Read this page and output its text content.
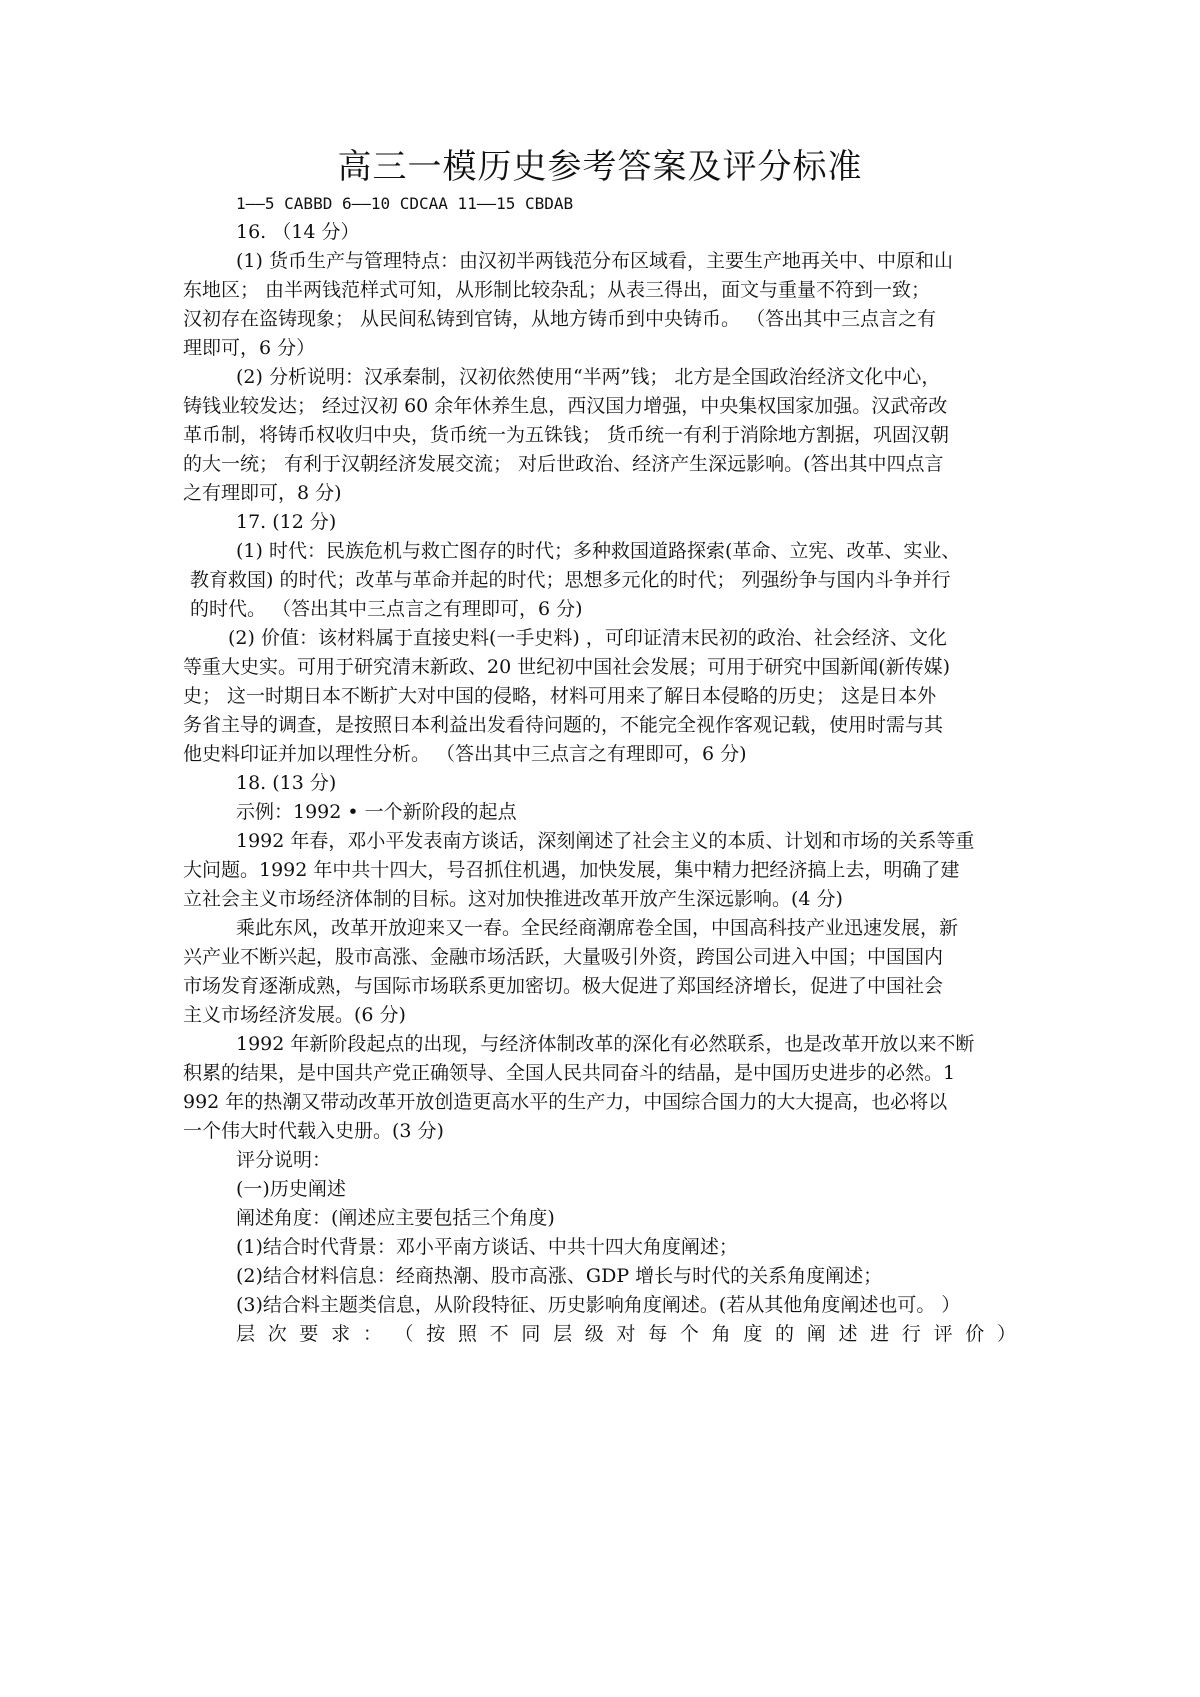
高三一模历史参考答案及评分标准
1——5 CABBD 6——10 CDCAA 11——15 CBDAB
16. （14 分）
(1) 货币生产与管理特点：由汉初半两钱范分布区域看，主要生产地再关中、中原和山
东地区； 由半两钱范样式可知，从形制比较杂乱；从表三得出，面文与重量不符到一致；
汉初存在盗铸现象； 从民间私铸到官铸，从地方铸币到中央铸币。 （答出其中三点言之有
理即可，6 分）
(2) 分析说明：汉承秦制，汉初依然使用“半两”钱； 北方是全国政治经济文化中心，
铸钱业较发达； 经过汉初 60 余年休养生息，西汉国力增强，中央集权国家加强。汉武帝改
革币制，将铸币权收归中央，货币统一为五铢钱； 货币统一有利于消除地方割据，巩固汉朝
的大一统； 有利于汉朝经济发展交流； 对后世政治、经济产生深远影响。(答出其中四点言
之有理即可，8 分)
17. (12 分)
(1) 时代：民族危机与救亡图存的时代；多种救国道路探索(革命、立宪、改革、实业、
教育救国) 的时代；改革与革命并起的时代；思想多元化的时代； 列强纷争与国内斗争并行
的时代。 （答出其中三点言之有理即可，6 分)
(2) 价值：该材料属于直接史料(一手史料) ，可印证清末民初的政治、社会经济、文化
等重大史实。可用于研究清末新政、20 世纪初中国社会发展；可用于研究中国新闻(新传媒)
史； 这一时期日本不断扩大对中国的侵略，材料可用来了解日本侵略的历史； 这是日本外
务省主导的调查，是按照日本利益出发看待问题的，不能完全视作客观记载，使用时需与其
他史料印证并加以理性分析。 （答出其中三点言之有理即可，6 分)
18. (13 分)
示例：1992 • 一个新阶段的起点
1992 年春，邓小平发表南方谈话，深刻阐述了社会主义的本质、计划和市场的关系等重
大问题。1992 年中共十四大，号召抓住机遇，加快发展，集中精力把经济搞上去，明确了建
立社会主义市场经济体制的目标。这对加快推进改革开放产生深远影响。(4 分)
乘此东风，改革开放迎来又一春。全民经商潮席卷全国，中国高科技产业迅速发展，新
兴产业不断兴起，股市高涨、金融市场活跃，大量吸引外资，跨国公司进入中国；中国国内
市场发育逐渐成熟，与国际市场联系更加密切。极大促进了郑国经济增长，促进了中国社会
主义市场经济发展。(6 分)
1992 年新阶段起点的出现，与经济体制改革的深化有必然联系，也是改革开放以来不断
积累的结果，是中国共产党正确领导、全国人民共同奋斗的结晶，是中国历史进步的必然。1
992 年的热潮又带动改革开放创造更高水平的生产力，中国综合国力的大大提高，也必将以
一个伟大时代载入史册。(3 分)
评分说明：
(一)历史阐述
阐述角度：(阐述应主要包括三个角度)
(1)结合时代背景：邓小平南方谈话、中共十四大角度阐述；
(2)结合材料信息：经商热潮、股市高涨、GDP 增长与时代的关系角度阐述；
(3)结合料主题类信息，从阶段特征、历史影响角度阐述。(若从其他角度阐述也可。 ）
层 次 要 求 ： （ 按 照 不 同 层 级 对 每 个 角 度 的 阐 述 进 行 评 价 ）
